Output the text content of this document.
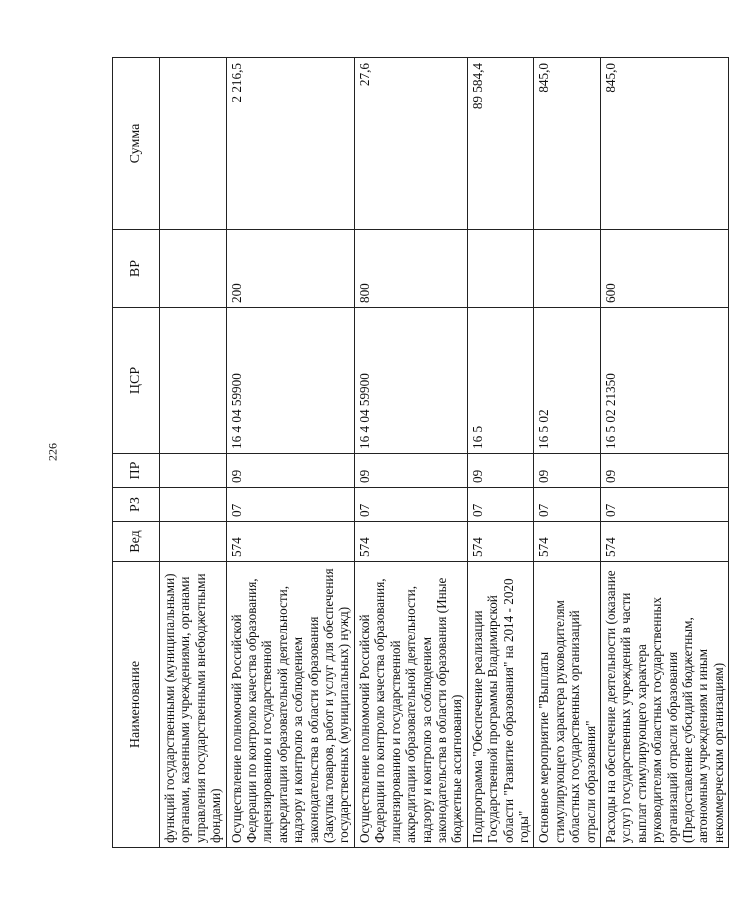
226
Наименование	Вед	РЗ	ПР	ЦСР	ВР	Сумма
функций государственными (муниципальными) органами, казенными учреждениями, органами управления государственными внебюджетными фондами)						
Осуществление полномочий Российской Федерации по контролю качества образования, лицензированию и государственной аккредитации образовательной деятельности, надзору и контролю за соблюдением законодательства в области образования (Закупка товаров, работ и услуг для обеспечения государственных (муниципальных) нужд)	574	07	09	16 4 04 59900	200	2 216,5
Осуществление полномочий Российской Федерации по контролю качества образования, лицензированию и государственной аккредитации образовательной деятельности, надзору и контролю за соблюдением законодательства в области образования (Иные бюджетные ассигнования)	574	07	09	16 4 04 59900	800	27,6
Подпрограмма "Обеспечение реализации Государственной программы Владимирской области "Развитие образования" на 2014 - 2020 годы"	574	07	09	16 5		89 584,4
Основное мероприятие "Выплаты стимулирующего характера руководителям областных государственных организаций отрасли образования"	574	07	09	16 5 02		845,0
Расходы на обеспечение деятельности (оказание услуг) государственных учреждений в части выплат стимулирующего характера руководителям областных государственных организаций отрасли образования (Предоставление субсидий бюджетным, автономным учреждениям и иным некоммерческим организациям)	574	07	09	16 5 02 21350	600	845,0
